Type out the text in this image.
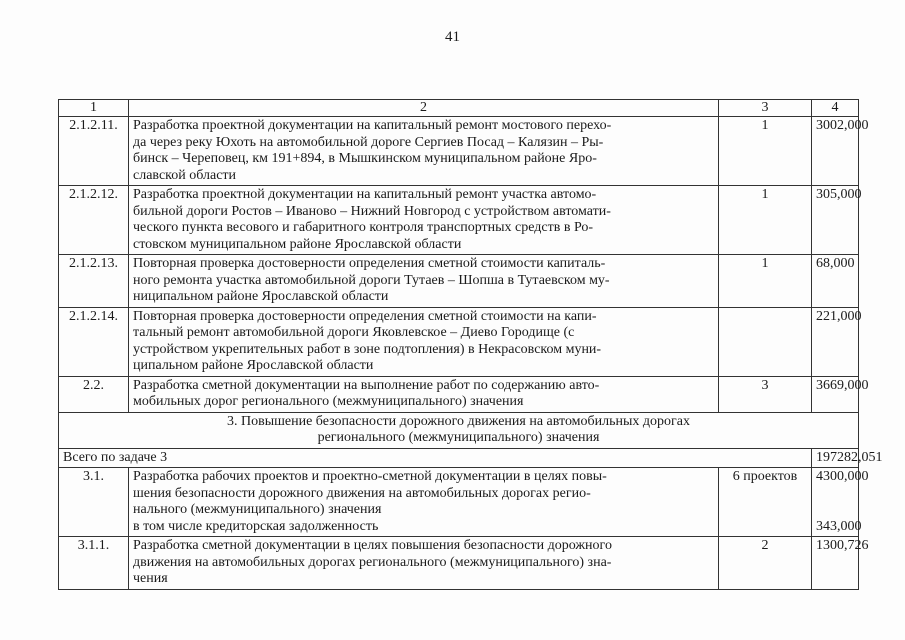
41
1	2	3	4
2.1.2.11.	Разработка проектной документации на капитальный ремонт мостового перехо-
да через реку Юхоть на автомобильной дороге Сергиев Посад – Калязин – Ры-
бинск – Череповец, км 191+894, в Мышкинском муниципальном районе Яро-
славской области	1	3002,000
2.1.2.12.	Разработка проектной документации на капитальный ремонт участка автомо-
бильной дороги Ростов – Иваново – Нижний Новгород с устройством автомати-
ческого пункта весового и габаритного контроля транспортных средств в Ро-
стовском муниципальном районе Ярославской области	1	305,000
2.1.2.13.	Повторная проверка достоверности определения сметной стоимости капиталь-
ного ремонта участка автомобильной дороги Тутаев – Шопша в Тутаевском му-
ниципальном районе Ярославской области	1	68,000
2.1.2.14.	Повторная проверка достоверности определения сметной стоимости на капи-
тальный ремонт автомобильной дороги Яковлевское – Диево Городище (с
устройством укрепительных работ в зоне подтопления) в Некрасовском муни-
ципальном районе Ярославской области		221,000
2.2.	Разработка сметной документации на выполнение работ по содержанию авто-
мобильных дорог регионального (межмуниципального) значения	3	3669,000

3. Повышение безопасности дорожного движения на автомобильных дорогах
регионального (межмуниципального) значения			

Всего по задаче 3			197282,051
3.1.	Разработка рабочих проектов и проектно-сметной документации в целях повы-
шения безопасности дорожного движения на автомобильных дорогах регио-
нального (межмуниципального) значения
в том числе кредиторская задолженность	6 проектов	4300,000
343,000

3.1.1.	Разработка сметной документации в целях повышения безопасности дорожного
движения на автомобильных дорогах регионального (межмуниципального) зна-
чения	2	1300,726
